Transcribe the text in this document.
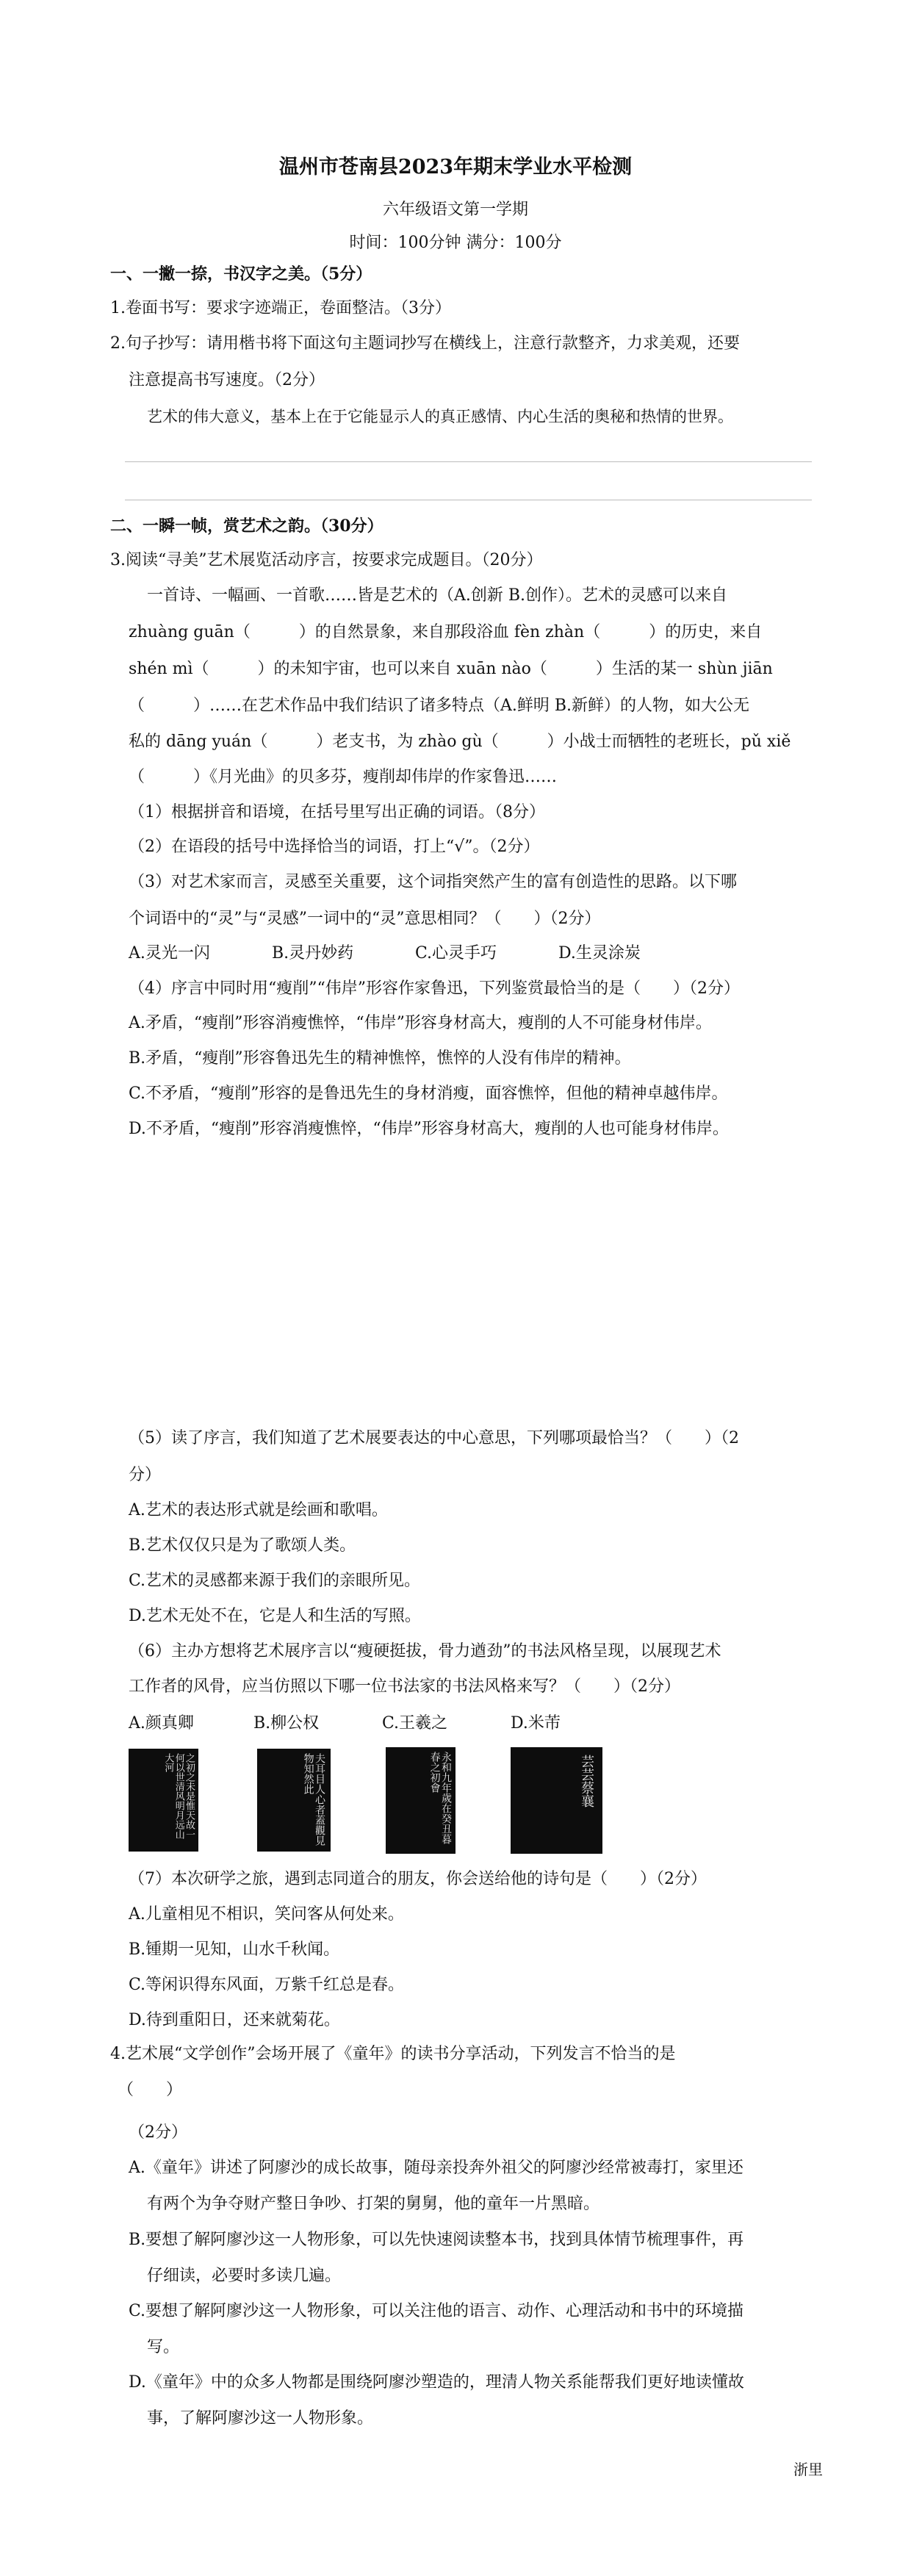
温州市苍南县2023年期末学业水平检测
六年级语文第一学期
时间：100分钟 满分：100分
一、一撇一捺，书汉字之美。（5分）
1.卷面书写：要求字迹端正，卷面整洁。（3分）
2.句子抄写：请用楷书将下面这句主题词抄写在横线上，注意行款整齐，力求美观，还要
注意提高书写速度。（2分）
艺术的伟大意义，基本上在于它能显示人的真正感情、内心生活的奥秘和热情的世界。
二、一瞬一帧，赏艺术之韵。（30分）
3.阅读“寻美”艺术展览活动序言，按要求完成题目。（20分）
一首诗、一幅画、一首歌……皆是艺术的（A.创新 B.创作）。艺术的灵感可以来自
zhuàng guān（　　　）的自然景象，来自那段浴血 fèn zhàn（　　　）的历史，来自
shén mì（　　　）的未知宇宙，也可以来自 xuān nào（　　　）生活的某一 shùn jiān
（　　　）……在艺术作品中我们结识了诸多特点（A.鲜明 B.新鲜）的人物，如大公无
私的 dāng yuán（　　　）老支书，为 zhào gù（　　　）小战士而牺牲的老班长，pǔ xiě
（　　　）《月光曲》的贝多芬，瘦削却伟岸的作家鲁迅……
（1）根据拼音和语境，在括号里写出正确的词语。（8分）
（2）在语段的括号中选择恰当的词语，打上“√”。（2分）
（3）对艺术家而言，灵感至关重要，这个词指突然产生的富有创造性的思路。以下哪
个词语中的“灵”与“灵感”一词中的“灵”意思相同？（　　）（2分）
A.灵光一闪	B.灵丹妙药	C.心灵手巧	D.生灵涂炭
（4）序言中同时用“瘦削”“伟岸”形容作家鲁迅，下列鉴赏最恰当的是（　　）（2分）
A.矛盾，“瘦削”形容消瘦憔悴，“伟岸”形容身材高大，瘦削的人不可能身材伟岸。
B.矛盾，“瘦削”形容鲁迅先生的精神憔悴，憔悴的人没有伟岸的精神。
C.不矛盾，“瘦削”形容的是鲁迅先生的身材消瘦，面容憔悴，但他的精神卓越伟岸。
D.不矛盾，“瘦削”形容消瘦憔悴，“伟岸”形容身材高大，瘦削的人也可能身材伟岸。
（5）读了序言，我们知道了艺术展要表达的中心意思，下列哪项最恰当？（　　）（2
分）
A.艺术的表达形式就是绘画和歌唱。
B.艺术仅仅只是为了歌颂人类。
C.艺术的灵感都来源于我们的亲眼所见。
D.艺术无处不在，它是人和生活的写照。
（6）主办方想将艺术展序言以“瘦硬挺拔，骨力遒劲”的书法风格呈现，以展现艺术
工作者的风骨，应当仿照以下哪一位书法家的书法风格来写？（　　）（2分）
A.颜真卿	B.柳公权	C.王羲之	D.米芾
之初之未是惟天故一何以世清风明月远山大河	夫耳目人心者蓋觀見物知然此	永和九年歲在癸丑暮春之初會	芸芸蔡襄
（7）本次研学之旅，遇到志同道合的朋友，你会送给他的诗句是（　　）（2分）
A.儿童相见不相识，笑问客从何处来。
B.锺期一见知，山水千秋闻。
C.等闲识得东风面，万紫千红总是春。
D.待到重阳日，还来就菊花。
4.艺术展“文学创作”会场开展了《童年》的读书分享活动，下列发言不恰当的是
（　　）
（2分）
A.《童年》讲述了阿廖沙的成长故事，随母亲投奔外祖父的阿廖沙经常被毒打，家里还
有两个为争夺财产整日争吵、打架的舅舅，他的童年一片黑暗。
B.要想了解阿廖沙这一人物形象，可以先快速阅读整本书，找到具体情节梳理事件，再
仔细读，必要时多读几遍。
C.要想了解阿廖沙这一人物形象，可以关注他的语言、动作、心理活动和书中的环境描
写。
D.《童年》中的众多人物都是围绕阿廖沙塑造的，理清人物关系能帮我们更好地读懂故
事，了解阿廖沙这一人物形象。
浙里
